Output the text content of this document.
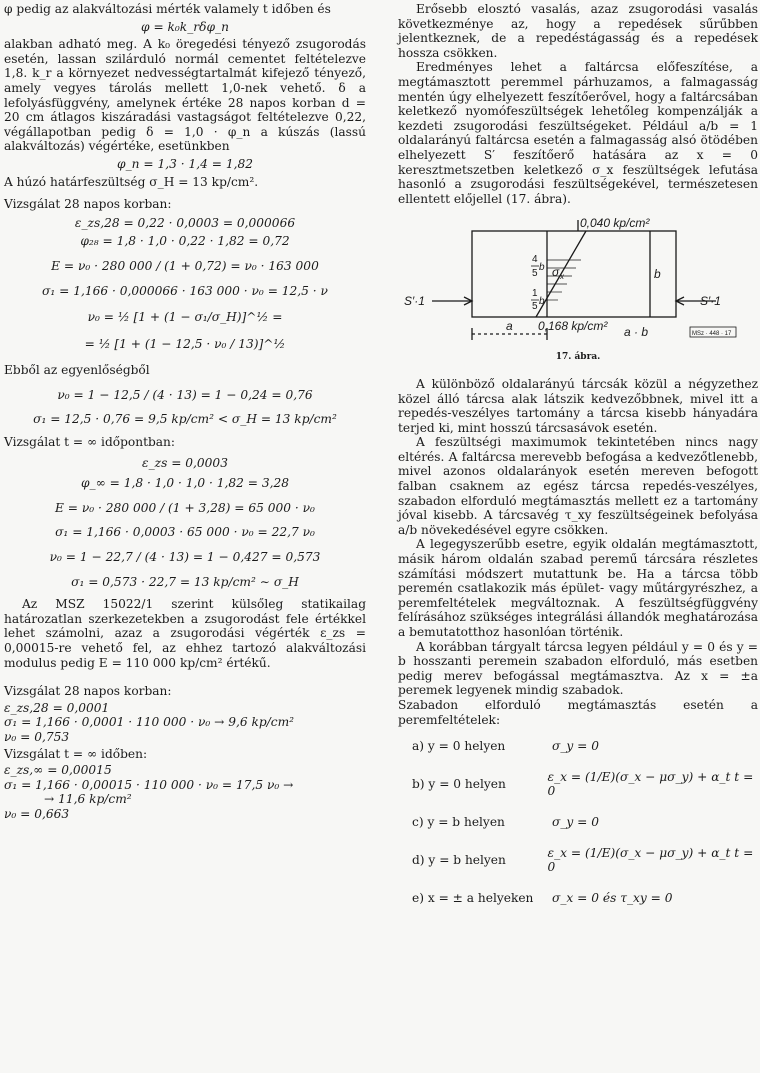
φ pedig az alakváltozási mérték valamely t időben és

φ = k₀k_rδφ_n

alakban adható meg. A k₀ öregedési tényező zsugorodás esetén, lassan szilárduló normál cementet feltételezve 1,8. k_r a környezet nedvességtartalmát kifejező tényező, amely vegyes tárolás mellett 1,0-nek vehető. δ a lefolyásfüggvény, amelynek értéke 28 napos korban d = 20 cm átlagos kiszáradási vastagságot feltételezve 0,22, végállapotban pedig δ = 1,0 · φ_n a kúszás (lassú alakváltozás) végértéke, esetünkben

φ_n = 1,3 · 1,4 = 1,82

A húzó határfeszültség σ_H = 13 kp/cm².

Vizsgálat 28 napos korban:

ε_zs,28 = 0,22 · 0,0003 = 0,000066
φ₂₈ = 1,8 · 1,0 · 0,22 · 1,82 = 0,72
E = ν₀ · 280 000 / (1 + 0,72) = ν₀ · 163 000
σ₁ = 1,166 · 0,000066 · 163 000 · ν₀ = 12,5 · ν
ν₀ = ½ [1 + (1 − σ₁/σ_H)]^½ =
= ½ [1 + (1 − 12,5 · ν₀ / 13)]^½

Ebből az egyenlőségből

ν₀ = 1 − 12,5 / (4 · 13) = 1 − 0,24 = 0,76
σ₁ = 12,5 · 0,76 = 9,5 kp/cm² < σ_H = 13 kp/cm²

Vizsgálat t = ∞ időpontban:

ε_zs = 0,0003
φ_∞ = 1,8 · 1,0 · 1,0 · 1,82 = 3,28
E = ν₀ · 280 000 / (1 + 3,28) = 65 000 · ν₀
σ₁ = 1,166 · 0,0003 · 65 000 · ν₀ = 22,7 ν₀
ν₀ = 1 − 22,7 / (4 · 13) = 1 − 0,427 = 0,573
σ₁ = 0,573 · 22,7 = 13 kp/cm² ∼ σ_H

Az MSZ 15022/1 szerint külsőleg statikailag határozatlan szerkezetekben a zsugorodást fele értékkel lehet számolni, azaz a zsugorodási végérték ε_zs = 0,00015-re vehető fel, az ehhez tartozó alakváltozási modulus pedig E = 110 000 kp/cm² értékű.

Vizsgálat 28 napos korban:

ε_zs,28 = 0,0001
σ₁ = 1,166 · 0,0001 · 110 000 · ν₀ → 9,6 kp/cm²
ν₀ = 0,753

Vizsgálat t = ∞ időben:

ε_zs,∞ = 0,00015
σ₁ = 1,166 · 0,00015 · 110 000 · ν₀ = 17,5 ν₀ →
→ 11,6 kp/cm²
ν₀ = 0,663

Erősebb elosztó vasalás, azaz zsugorodási vasalás következménye az, hogy a repedések sűrűbben jelentkeznek, de a repedéstágasság és a repedések hossza csökken.

Eredményes lehet a faltárcsa előfeszítése, a megtámasztott peremmel párhuzamos, a falmagasság mentén úgy elhelyezett feszítőerővel, hogy a faltárcsában keletkező nyomófeszültségek lehetőleg kompenzálják a kezdeti zsugorodási feszültségeket. Például a/b = 1 oldalarányú faltárcsa esetén a falmagasság alsó ötödében elhelyezett S′ feszítőerő hatására az x = 0 keresztmetszetben keletkező σ_x feszültségek lefutása hasonló a zsugorodási feszültségekével, természetesen ellentett előjellel (17. ábra).

0,040 kp/cm²
0,168 kp/cm²
S′·1	S′·1
b
a	a · b
4
5
b
1
5 b
σ x
MSz · 448 · 17
17. ábra.

A különböző oldalarányú tárcsák közül a négyzethez közel álló tárcsa alak látszik kedvezőbbnek, mivel itt a repedés-veszélyes tartomány a tárcsa kisebb hányadára terjed ki, mint hosszú tárcsasávok esetén.

A feszültségi maximumok tekintetében nincs nagy eltérés. A faltárcsa merevebb befogása a kedvezőtlenebb, mivel azonos oldalarányok esetén mereven befogott falban csaknem az egész tárcsa repedés-veszélyes, szabadon elforduló megtámasztás mellett ez a tartomány jóval kisebb. A tárcsavég τ_xy feszültségeinek befolyása a/b növekedésével egyre csökken.

A legegyszerűbb esetre, egyik oldalán megtámasztott, másik három oldalán szabad peremű tárcsára részletes számítási módszert mutattunk be. Ha a tárcsa több peremén csatlakozik más épület- vagy műtárgyrészhez, a peremfeltételek megváltoznak. A feszültségfüggvény felírásához szükséges integrálási állandók meghatározása a bemutatotthoz hasonlóan történik.

A korábban tárgyalt tárcsa legyen például y = 0 és y = b hosszanti peremein szabadon elforduló, más esetben pedig merev befogással megtámasztva. Az x = ±a peremek legyenek mindig szabadok.

Szabadon elforduló megtámasztás esetén a peremfeltételek:

a) y = 0 helyen	σ_y = 0
b) y = 0 helyen
ε_x = (1/E)(σ_x − μσ_y) + α_t t = 0
c) y = b helyen	σ_y = 0
d) y = b helyen
ε_x = (1/E)(σ_x − μσ_y) + α_t t = 0
e) x = ± a helyeken	σ_x = 0 és τ_xy = 0
